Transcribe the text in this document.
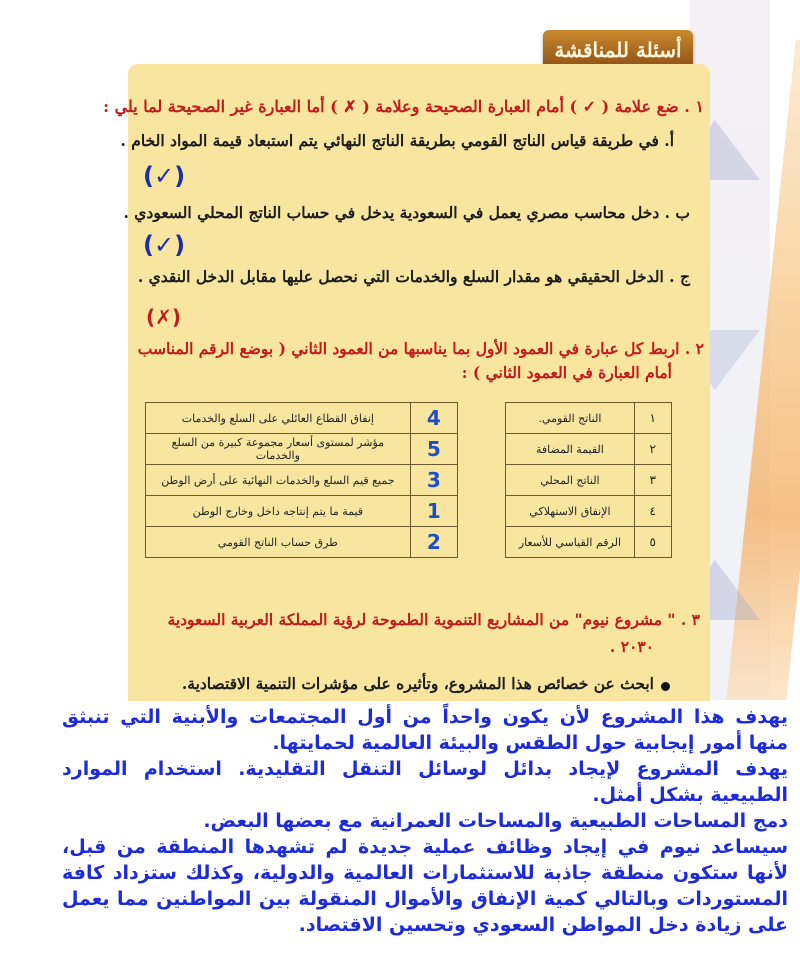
أسئلة للمناقشة
١ . ضع علامة ( ✓ ) أمام العبارة الصحيحة وعلامة ( ✗ ) أما العبارة غير الصحيحة لما يلي :
أ. في طريقة قياس الناتج القومي بطريقة الناتج النهائي يتم استبعاد قيمة المواد الخام .
(✓)
ب . دخل محاسب مصري يعمل في السعودية يدخل في حساب الناتج المحلي السعودي .
(✓)
ج . الدخل الحقيقي هو مقدار السلع والخدمات التي نحصل عليها مقابل الدخل النقدي .
(✗)
٢ . اربط كل عبارة في العمود الأول بما يناسبها من العمود الثاني ( بوضع الرقم المناسب
أمام العبارة في العمود الثاني ) :
١	الناتج القومي.		4	إنفاق القطاع العائلي على السلع والخدمات
٢	القيمة المضافة		5	مؤشر لمستوى أسعار مجموعة كبيرة من السلع والخدمات
٣	الناتج المحلي		3	جميع قيم السلع والخدمات النهائية على أرض الوطن
٤	الإنفاق الاستهلاكي		1	قيمة ما يتم إنتاجه داخل وخارج الوطن
٥	الرقم القياسي للأسعار		2	طرق حساب الناتج القومي
٣ . " مشروع نيوم" من المشاريع التنموية الطموحة لرؤية المملكة العربية السعودية
٢٠٣٠ .
ابحث عن خصائص هذا المشروع، وتأثيره على مؤشرات التنمية الاقتصادية.

يهدف هذا المشروع لأن يكون واحداً من أول المجتمعات والأبنية التي تنبثق منها أمور إيجابية حول الطقس والبيئة العالمية لحمايتها.

يهدف المشروع لإيجاد بدائل لوسائل التنقل التقليدية. استخدام الموارد الطبيعية بشكل أمثل.

دمج المساحات الطبيعية والمساحات العمرانية مع بعضها البعض.

سيساعد نيوم في إيجاد وظائف عملية جديدة لم تشهدها المنطقة من قبل، لأنها ستكون منطقة جاذبة للاستثمارات العالمية والدولية، وكذلك ستزداد كافة المستوردات وبالتالي كمية الإنفاق والأموال المنقولة بين المواطنين مما يعمل على زيادة دخل المواطن السعودي وتحسين الاقتصاد.
